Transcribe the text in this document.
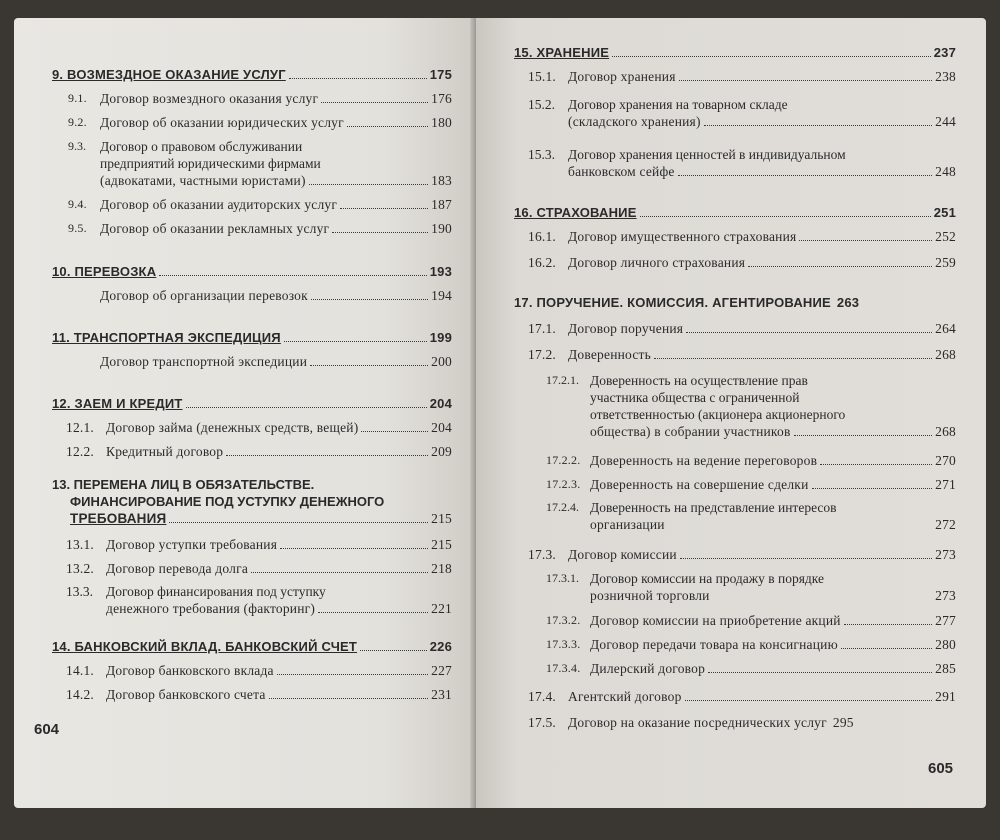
9. ВОЗМЕЗДНОЕ ОКАЗАНИЕ УСЛУГ	175
9.1. Договор возмездного оказания услуг	176
9.2. Договор об оказании юридических услуг	180
9.3.	Договор о правовом обслуживании
предприятий юридическими фирмами
(адвокатами, частными юристами)	183
9.4. Договор об оказании аудиторских услуг	187
9.5. Договор об оказании рекламных услуг	190
10. ПЕРЕВОЗКА	193
Договор об организации перевозок	194
11. ТРАНСПОРТНАЯ ЭКСПЕДИЦИЯ	199
Договор транспортной экспедиции	200
12. ЗАЕМ И КРЕДИТ	204
12.1. Договор займа (денежных средств, вещей)	204
12.2. Кредитный договор	209
13. ПЕРЕМЕНА ЛИЦ В ОБЯЗАТЕЛЬСТВЕ.
ФИНАНСИРОВАНИЕ ПОД УСТУПКУ ДЕНЕЖНОГО
ТРЕБОВАНИЯ	215
13.1. Договор уступки требования	215
13.2. Договор перевода долга	218
13.3. Договор финансирования под уступку
денежного требования (факторинг)	221
14. БАНКОВСКИЙ ВКЛАД. БАНКОВСКИЙ СЧЕТ	226
14.1. Договор банковского вклада	227
14.2. Договор банковского счета	231
604
15. ХРАНЕНИЕ	237
15.1. Договор хранения	238
15.2. Договор хранения на товарном складе
(складского хранения)	244
15.3. Договор хранения ценностей в индивидуальном
банковском сейфе	248
16. СТРАХОВАНИЕ	251
16.1. Договор имущественного страхования	252
16.2. Договор личного страхования	259
17. ПОРУЧЕНИЕ. КОМИССИЯ. АГЕНТИРОВАНИЕ 263
17.1. Договор поручения	264
17.2. Доверенность	268
17.2.1. Доверенность на осуществление прав
участника общества с ограниченной
ответственностью (акционера акционерного
общества) в собрании участников	268
17.2.2. Доверенность на ведение переговоров	270
17.2.3. Доверенность на совершение сделки	271
17.2.4. Доверенность на представление интересов
организации	272
17.3. Договор комиссии	273
17.3.1. Договор комиссии на продажу в порядке
розничной торговли	273
17.3.2. Договор комиссии на приобретение акций	277
17.3.3. Договор передачи товара на консигнацию	280
17.3.4. Дилерский договор	285
17.4. Агентский договор	291
17.5. Договор на оказание посреднических услуг 295
605
